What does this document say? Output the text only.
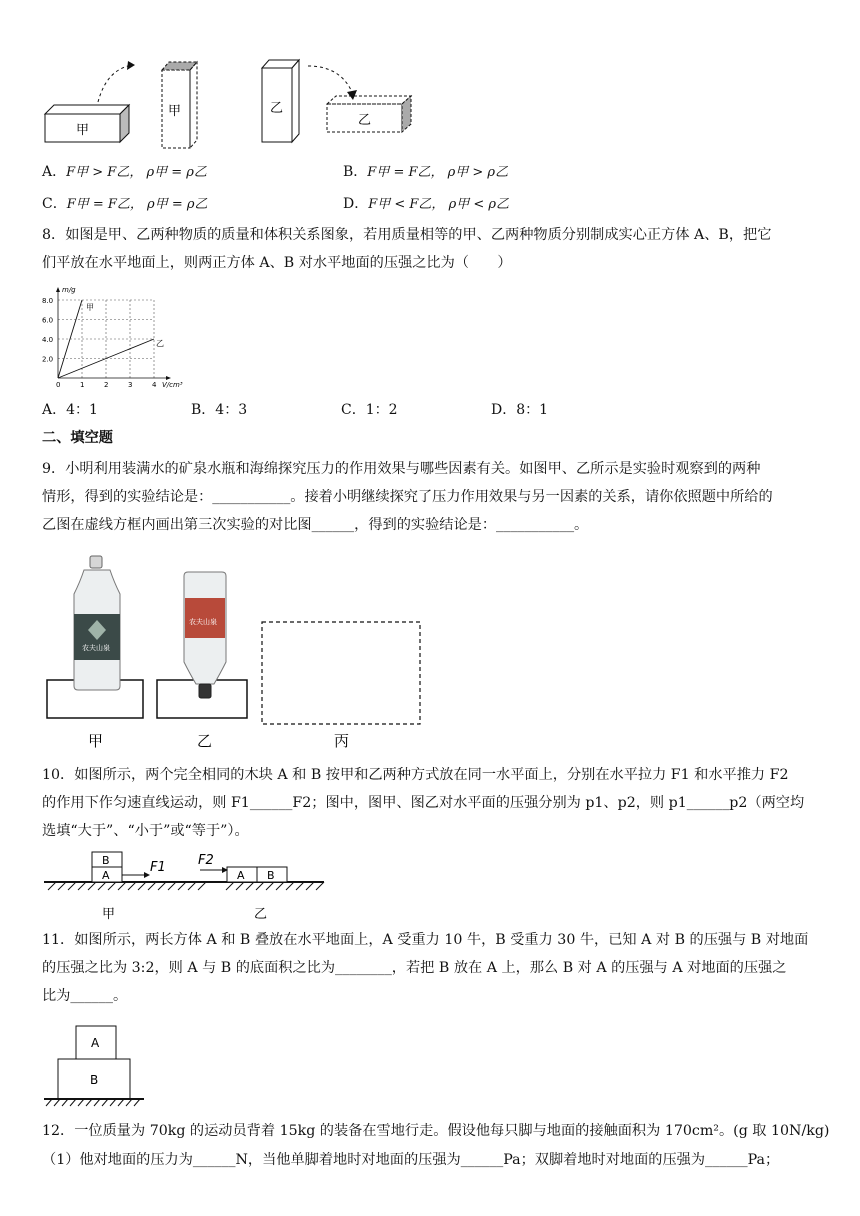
甲
甲	乙
乙
A．F甲 > F乙， ρ甲 = ρ乙	B．F甲 = F乙， ρ甲 > ρ乙
C．F甲 = F乙， ρ甲 = ρ乙	D．F甲 < F乙， ρ甲 < ρ乙
8．如图是甲、乙两种物质的质量和体积关系图象，若用质量相等的甲、乙两种物质分别制成实心正方体 A、B，把它
们平放在水平地面上，则两正方体 A、B 对水平地面的压强之比为（　　）
0	1	2	3	4
2.0
4.0
6.0
8.0
甲
乙
m/g
V/cm³
A．4：1	B．4：3	C．1：2	D．8：1
二、填空题
9．小明利用装满水的矿泉水瓶和海绵探究压力的作用效果与哪些因素有关。如图甲、乙所示是实验时观察到的两种
情形，得到的实验结论是：___________。接着小明继续探究了压力作用效果与另一因素的关系，请你依照题中所给的
乙图在虚线方框内画出第三次实验的对比图______，得到的实验结论是：___________。
农夫山泉
农夫山泉
甲	乙	丙
10．如图所示，两个完全相同的木块 A 和 B 按甲和乙两种方式放在同一水平面上，分别在水平拉力 F1 和水平推力 F2
的作用下作匀速直线运动，则 F1______F2；图中，图甲、图乙对水平面的压强分别为 p1、p2，则 p1______p2（两空均
选填“大于”、“小于”或“等于”）。
B
A
F1
A B
F2
甲	乙
11．如图所示，两长方体 A 和 B 叠放在水平地面上，A 受重力 10 牛，B 受重力 30 牛，已知 A 对 B 的压强与 B 对地面
的压强之比为 3:2，则 A 与 B 的底面积之比为________，若把 B 放在 A 上，那么 B 对 A 的压强与 A 对地面的压强之
比为______。
A
B
12．一位质量为 70kg 的运动员背着 15kg 的装备在雪地行走。假设他每只脚与地面的接触面积为 170cm²。(g 取 10N/kg)
（1）他对地面的压力为______N，当他单脚着地时对地面的压强为______Pa；双脚着地时对地面的压强为______Pa；
